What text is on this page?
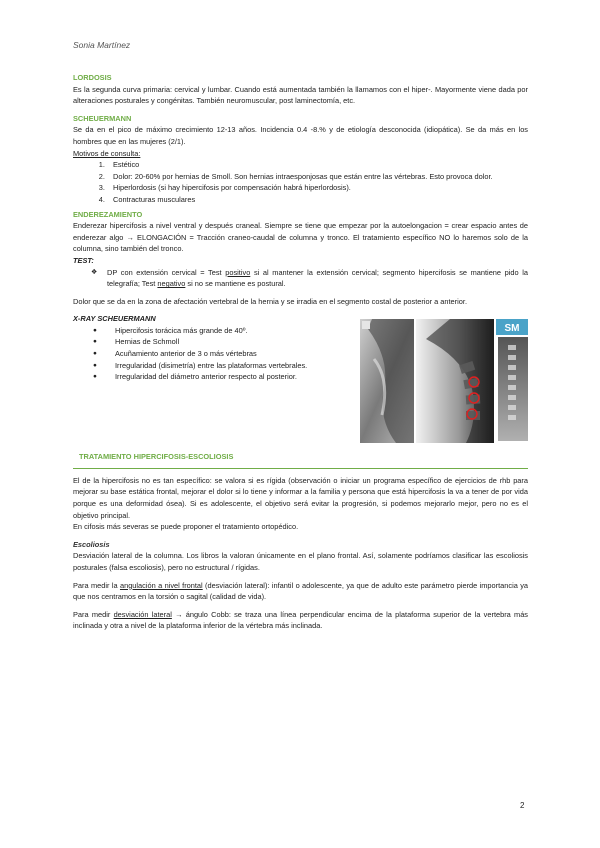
Sonia Martínez

LORDOSIS

Es la segunda curva primaria: cervical y lumbar. Cuando está aumentada también la llamamos con el hiper-. Mayormente viene dada por alteraciones posturales y congénitas. También neuromuscular, post laminectomía, etc.

SCHEUERMANN

Se da en el pico de máximo crecimiento 12-13 años. Incidencia 0.4 -8.% y de etiología desconocida (idiopática). Se da más en los hombres que en las mujeres (2/1).

Motivos de consulta:

1. Estético
2. Dolor: 20-60% por hernias de Smoll. Son hernias intraesponjosas que están entre las vértebras. Esto provoca dolor.
3. Hiperlordosis (si hay hipercifosis por compensación habrá hiperlordosis).
4. Contracturas musculares

ENDEREZAMIENTO

Enderezar hipercifosis a nivel ventral y después craneal. Siempre se tiene que empezar por la autoelongacion = crear espacio antes de enderezar algo → ELONGACIÓN = Tracción craneo-caudal de columna y tronco. El tratamiento específico NO lo haremos solo de la columna, sino también del tronco.

TEST:

❖ DP con extensión cervical = Test positivo si al mantener la extensión cervical; segmento hipercifosis se mantiene pido la telegrafía; Test negativo si no se mantiene es postural.

Dolor que se da en la zona de afectación vertebral de la hernia y se irradia en el segmento costal de posterior a anterior.

X-RAY SCHEUERMANN

● Hipercifosis torácica más grande de 40º.
● Hernias de Schmoll
● Acuñamiento anterior de 3 o más vértebras
● Irregularidad (disimetría) entre las plataformas vertebrales.
● Irregularidad del diámetro anterior respecto al posterior.
SM
TRATAMIENTO HIPERCIFOSIS-ESCOLIOSIS

El de la hipercifosis no es tan específico: se valora si es rígida (observación o iniciar un programa específico de ejercicios de rhb para mejorar su base estática frontal, mejorar el dolor si lo tiene y informar a la familia y persona que está hipercifosis la va a tener de por vida porque es una deformidad ósea). Si es adolescente, el objetivo será evitar la progresión, si podemos mejorarlo mejor, pero no es el objetivo principal.

En cifosis más severas se puede proponer el tratamiento ortopédico.

Escoliosis

Desviación lateral de la columna. Los libros la valoran únicamente en el plano frontal. Así, solamente podríamos clasificar las escoliosis posturales (falsa escoliosis), pero no estructural / rígidas.

Para medir la angulación a nivel frontal (desviación lateral): infantil o adolescente, ya que de adulto este parámetro pierde importancia ya que nos centramos en la torsión o sagital (calidad de vida).

Para medir desviación lateral → ángulo Cobb: se traza una línea perpendicular encima de la plataforma superior de la vertebra más inclinada y otra a nivel de la plataforma inferior de la vértebra más inclinada.

2
